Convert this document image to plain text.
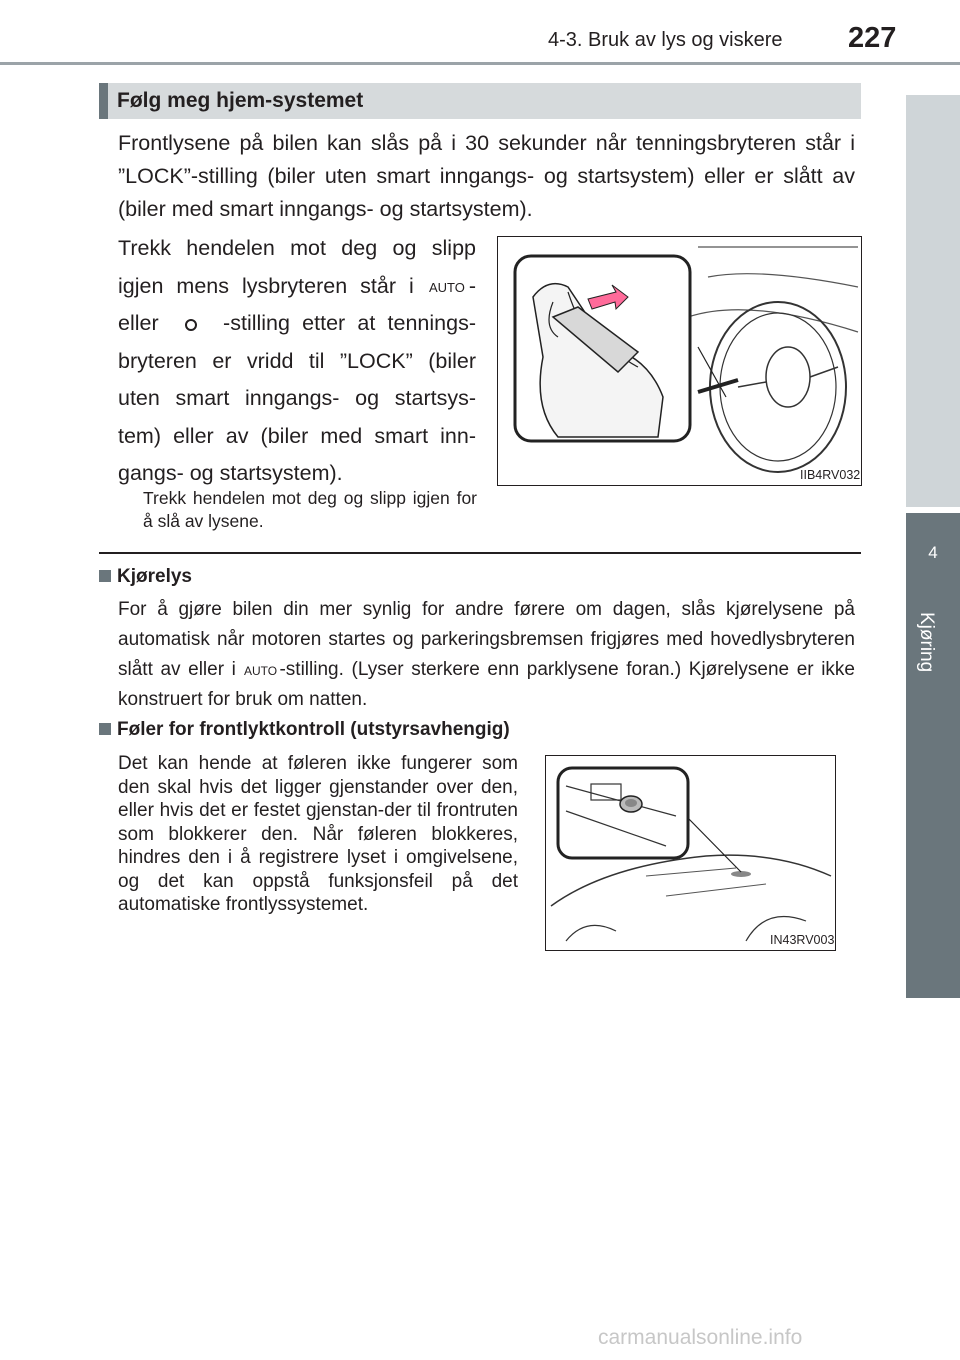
4-3. Bruk av lys og viskere 227
4
Kjøring
Følg meg hjem-systemet
Frontlysene på bilen kan slås på i 30 sekunder når tenningsbryteren står i ”LOCK”-stilling (biler uten smart inngangs- og startsystem) eller er slått av (biler med smart inngangs- og startsystem).
Trekk hendelen mot deg og slipp igjen mens lysbryteren står i AUTO -eller  -stilling etter at tennings-bryteren er vridd til ”LOCK” (biler uten smart inngangs- og startsys-tem) eller av (biler med smart inn-gangs- og startsystem).
Trekk hendelen mot deg og slipp igjen for å slå av lysene.
IIB4RV032
Kjørelys
For å gjøre bilen din mer synlig for andre førere om dagen, slås kjørelysene på automatisk når motoren startes og parkeringsbremsen frigjøres med hovedlysbryteren slått av eller i AUTO -stilling. (Lyser sterkere enn parklysene foran.) Kjørelysene er ikke konstruert for bruk om natten.
Føler for frontlyktkontroll (utstyrsavhengig)
Det kan hende at føleren ikke fungerer som den skal hvis det ligger gjenstander over den, eller hvis det er festet gjenstan-der til frontruten som blokkerer den. Når føleren blokkeres, hindres den i å registrere lyset i omgivelsene, og det kan oppstå funksjonsfeil på det automatiske frontlyssystemet.
IN43RV003
carmanualsonline.info
